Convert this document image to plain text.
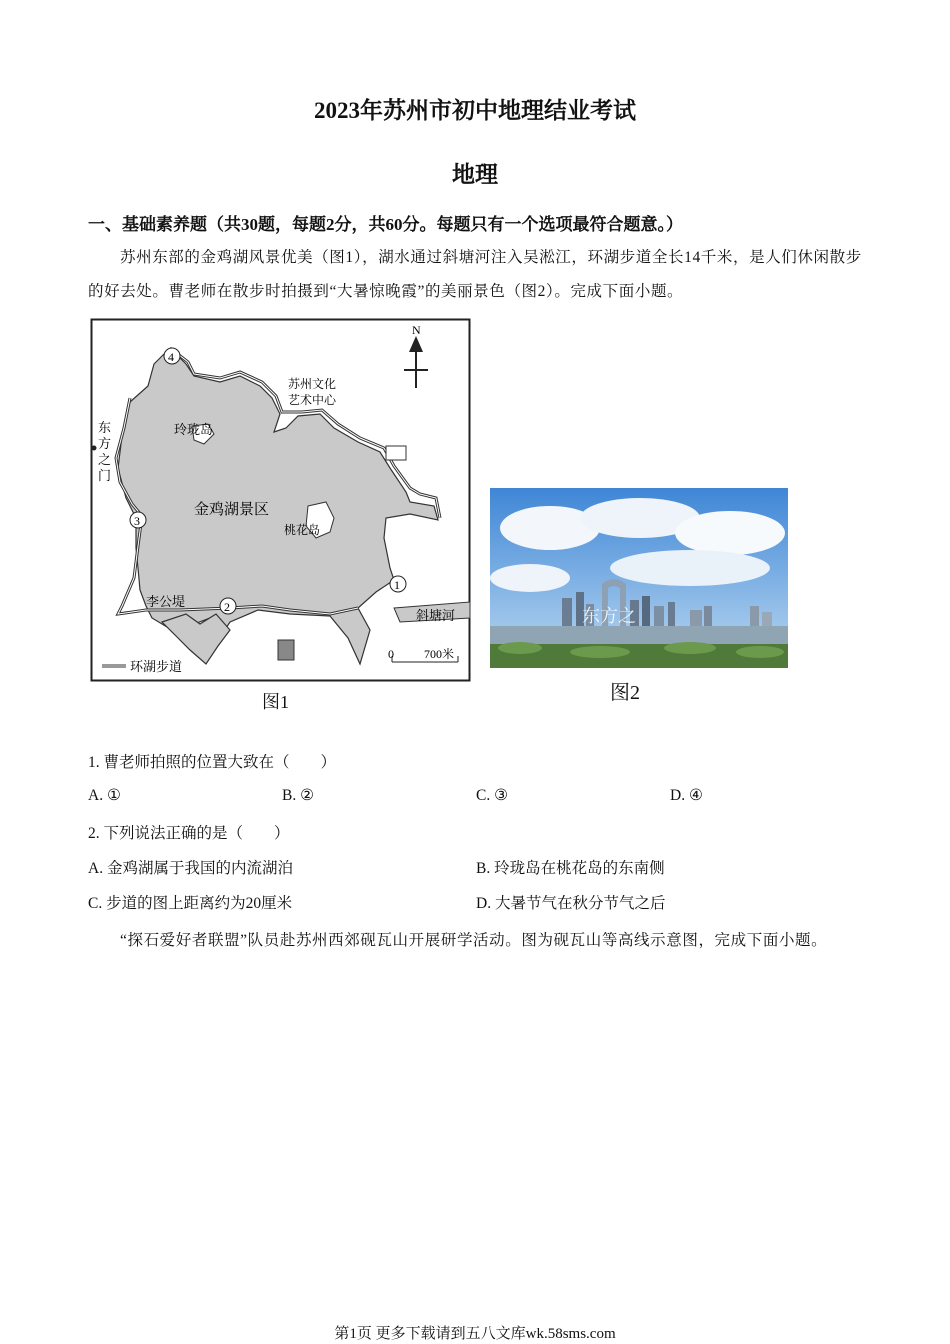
2023年苏州市初中地理结业考试
地理
一、基础素养题（共30题，每题2分，共60分。每题只有一个选项最符合题意。）
苏州东部的金鸡湖风景优美（图1），湖水通过斜塘河注入吴淞江，环湖步道全长14千米，是人们休闲散步的好去处。曹老师在散步时拍摄到“大暑惊晚霞”的美丽景色（图2）。完成下面小题。
N
苏州文化
艺术中心
玲珑岛
金鸡湖景区
桃花岛
东
方
之
门
李公堤
斜塘河
4
3
2
1
0	700米
环湖步道
图1
东方之
图2
1. 曹老师拍照的位置大致在（　　）
A. ①	B. ②	C. ③	D. ④
2. 下列说法正确的是（　　）
A. 金鸡湖属于我国的内流湖泊	B. 玲珑岛在桃花岛的东南侧
C. 步道的图上距离约为20厘米	D. 大暑节气在秋分节气之后
“探石爱好者联盟”队员赴苏州西郊砚瓦山开展研学活动。图为砚瓦山等高线示意图，完成下面小题。
第1页 更多下载请到五八文库wk.58sms.com
